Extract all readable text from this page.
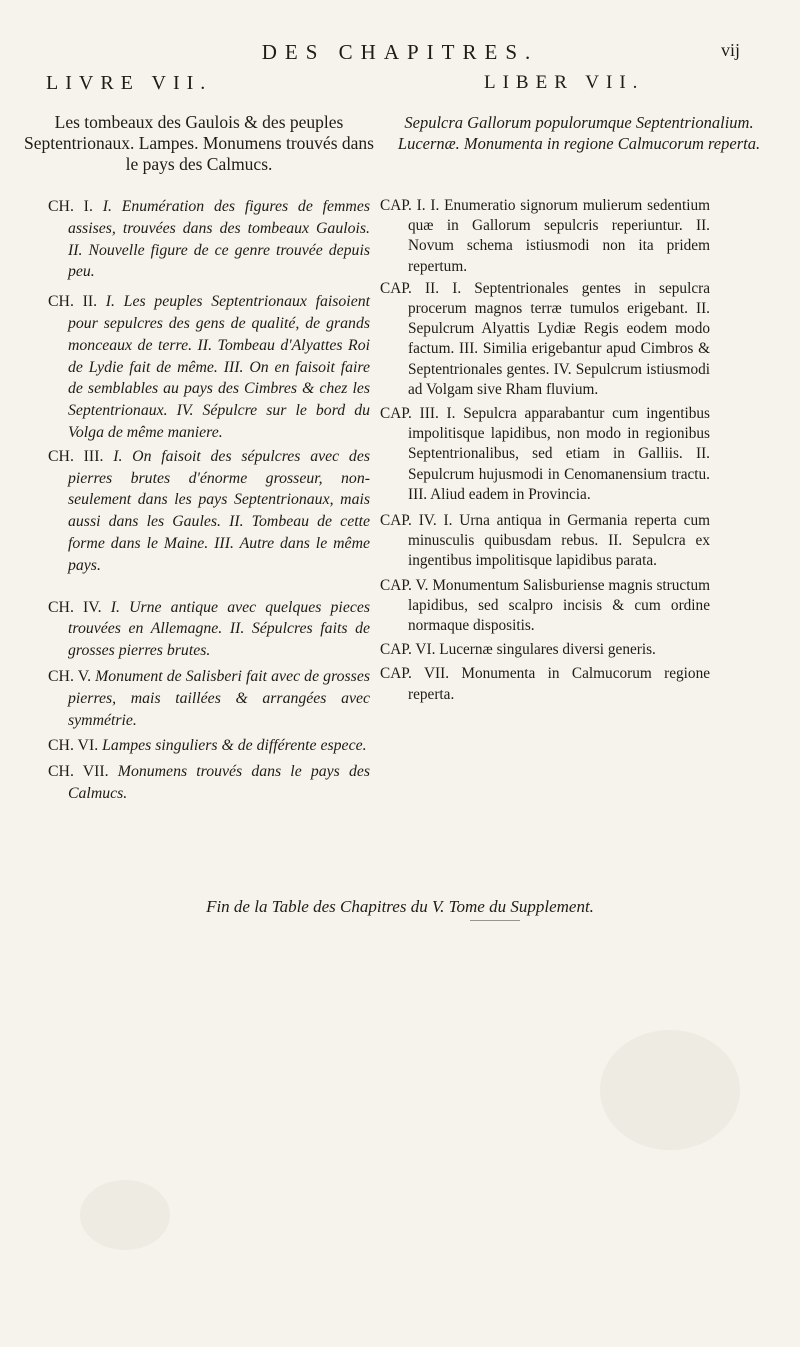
DES CHAPITRES.	vij
LIVRE VII.	LIBER VII.
Les tombeaux des Gaulois & des peuples Septentrionaux. Lampes. Monumens trouvés dans le pays des Calmucs.
Sepulcra Gallorum populorumque Septentrionalium. Lucernæ. Monumenta in regione Calmucorum reperta.

CH. I. I. Enumération des figures de femmes assises, trouvées dans des tombeaux Gaulois. II. Nouvelle figure de ce genre trouvée depuis peu.

CH. II. I. Les peuples Septentrionaux faisoient pour sepulcres des gens de qualité, de grands monceaux de terre. II. Tombeau d'Alyattes Roi de Lydie fait de même. III. On en faisoit faire de semblables au pays des Cimbres & chez les Septentrionaux. IV. Sépulcre sur le bord du Volga de même maniere.

CH. III. I. On faisoit des sépulcres avec des pierres brutes d'énorme grosseur, non-seulement dans les pays Septentrionaux, mais aussi dans les Gaules. II. Tombeau de cette forme dans le Maine. III. Autre dans le même pays.

CH. IV. I. Urne antique avec quelques pieces trouvées en Allemagne. II. Sépulcres faits de grosses pierres brutes.

CH. V. Monument de Salisberi fait avec de grosses pierres, mais taillées & arrangées avec symmétrie.

CH. VI. Lampes singuliers & de différente espece.

CH. VII. Monumens trouvés dans le pays des Calmucs.

CAP. I. I. Enumeratio signorum mulierum sedentium quæ in Gallorum sepulcris reperiuntur. II. Novum schema istiusmodi non ita pridem repertum.

CAP. II. I. Septentrionales gentes in sepulcra procerum magnos terræ tumulos erigebant. II. Sepulcrum Alyattis Lydiæ Regis eodem modo factum. III. Similia erigebantur apud Cimbros & Septentrionales gentes. IV. Sepulcrum istiusmodi ad Volgam sive Rham fluvium.

CAP. III. I. Sepulcra apparabantur cum ingentibus impolitisque lapidibus, non modo in regionibus Septentrionalibus, sed etiam in Galliis. II. Sepulcrum hujusmodi in Cenomanensium tractu. III. Aliud eadem in Provincia.

CAP. IV. I. Urna antiqua in Germania reperta cum minusculis quibusdam rebus. II. Sepulcra ex ingentibus impolitisque lapidibus parata.

CAP. V. Monumentum Salisburiense magnis structum lapidibus, sed scalpro incisis & cum ordine normaque dispositis.

CAP. VI. Lucernæ singulares diversi generis.

CAP. VII. Monumenta in Calmucorum regione reperta.

Fin de la Table des Chapitres du V. Tome du Supplement.
